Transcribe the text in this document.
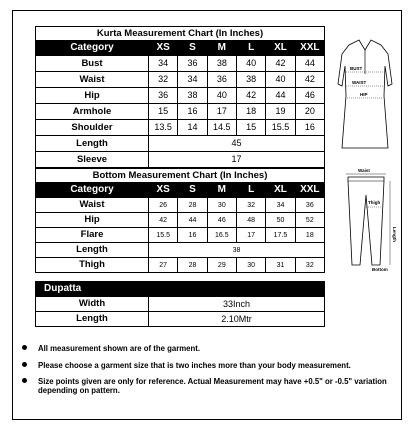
Kurta Measurement Chart (In Inches)						
Category	XS	S	M	L	XL	XXL
Bust	34	36	38	40	42	44
Waist	32	34	36	38	40	42
Hip	36	38	40	42	44	46
Armhole	15	16	17	18	19	20
Shoulder	13.5	14	14.5	15	15.5	16
Length	45					
Sleeve	17					
BUST
WAIST
HIP
Bottom Measurement Chart (In Inches)						
Category	XS	S	M	L	XL	XXL
Waist	26	28	30	32	34	36
Hip	42	44	46	48	50	52
Flare	15.5	16	16.5	17	17.5	18
Length	38					
Thigh	27	28	29	30	31	32
Waist
Thigh
Length
Bottom
Dupatta	
Width	33Inch
Length	2.10Mtr
All measurement shown are of the garment.
Please choose a garment size that is two inches more than your body measurement.
Size points given are only for reference. Actual Measurement may have +0.5" or -0.5" variation depending on pattern.
